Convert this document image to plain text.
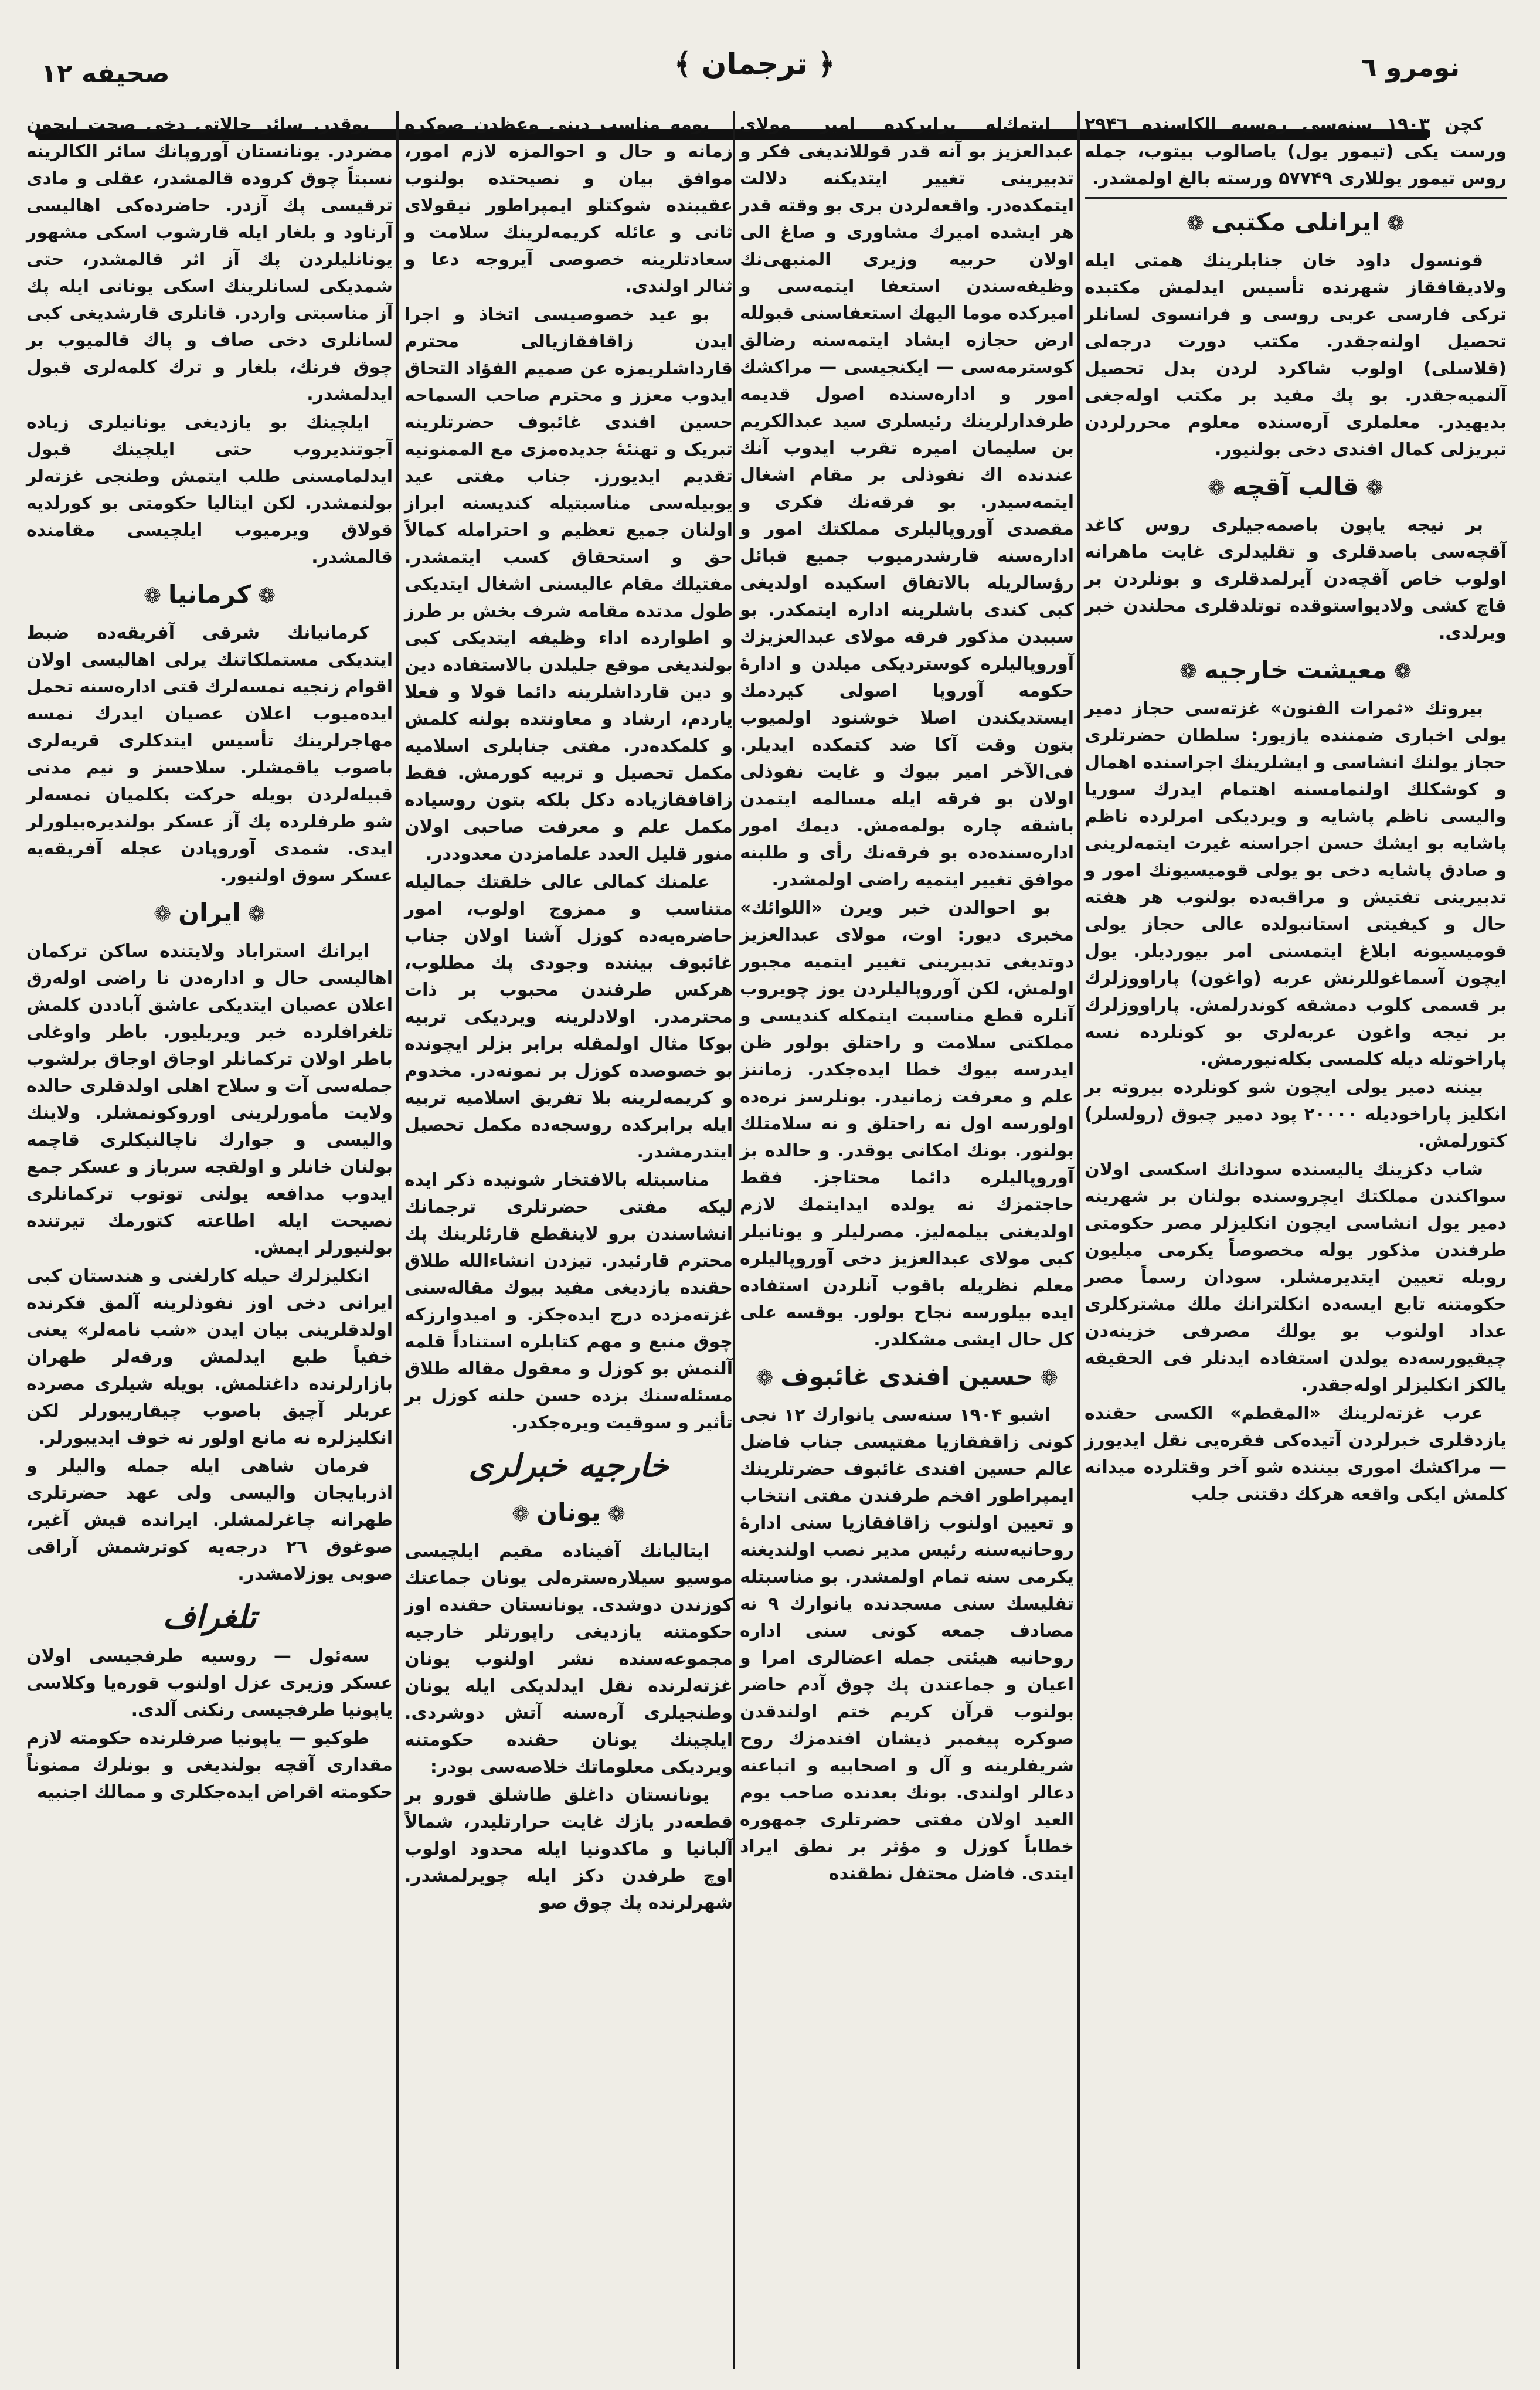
صحیفه ۱۲	﴿ ترجمان ﴾	نومرو ٦

کچن ۱۹۰۳ سنه‌سی روسیه الکاسنده ۲۹۴٦ ورست یکی (تیمور یول) یاصالوب بیتوب، جمله روس تیمور يوللاری ۵۷۷۴۹ ورسته بالغ اولمشدر.

❁ایرانلی مکتبی❁

قونسول داود خان جنابلرینك همتی ایله ولادیقافقاز شهرنده تأسیس ایدلمش مکتبده ترکی فارسی عربی روسی و فرانسوی لسانلر تحصیل اولنه‌جقدر. مکتب دورت درجه‌لی (قلاسلی) اولوب شاکرد لردن بدل تحصیل آلنمیه‌جقدر. بو پك مفید بر مکتب اوله‌جغی بدیهیدر. معلملری آره‌سنده معلوم محررلردن تبریزلی کمال افندی دخی بولنیور.

❁قالب آقچه❁

بر نیجه یاپون باصمه‌جیلری روس کاغد آقچه‌سی باصدقلری و تقلیدلری غایت ماهرانه اولوب خاص آقچه‌دن آیرلمدقلری و بونلردن بر قاچ کشی ولادیواستوقده توتلدقلری محلندن خبر ویرلدی.

❁معیشت خارجیه❁

بیروتك «ثمرات الفنون» غزته‌سی حجاز دمیر یولی اخباری ضمننده یازیور: سلطان حضرتلری حجاز یولنك انشاسی و ایشلرینك اجراسنده اهمال و کوشکلك اولنمامسنه اهتمام ایدرك سوریا والیسی ناظم پاشایه و ویردیکی امرلرده ناظم پاشایه بو ایشك حسن اجراسنه غیرت ایتمه‌لرینی و صادق پاشایه دخی بو یولی قومیسیونك امور و تدبیرینی تفتیش و مراقبه‌ده بولنوب هر هفته حال و کیفیتی استانبولده عالی حجاز یولی قومیسیونه ابلاغ ایتمسنی امر بیوردیلر. یول ایچون آسماغوللرنش عربه (واغون) پاراووزلرك بر قسمی کلوب دمشقه کوندرلمش. پاراووزلرك بر نیجه واغون عربه‌لری بو کونلرده نسه پاراخوتله دیله کلمسی بکله‌نیورمش.

بیننه دمیر یولی ایچون شو کونلرده بیروته بر انکلیز پاراخودیله ۲۰۰۰۰ پود دمیر چبوق (رولسلر) کتورلمش.

شاب دکزینك یالیسنده سودانك اسکسی اولان سواکندن مملکتك ایچروسنده بولنان بر شهرینه دمیر یول انشاسی ایچون انکلیزلر مصر حکومتی طرفندن مذکور یوله مخصوصاً یکرمی میلیون روبله تعیین ایتدیرمشلر. سودان رسماً مصر حکومتنه تابع ایسه‌ده انکلترانك ملك مشترکلری عداد اولنوب بو یولك مصرفی خزینه‌دن چیقیورسه‌ده یولدن استفاده ایدنلر فی الحقیقه یالکز انکلیزلر اوله‌جقدر.

عرب غزته‌لرینك «المقطم» الکسی حقنده یازدقلری خبرلردن آتیده‌کی فقره‌یی نقل ایدیورز — مراکشك اموری بیننده شو آخر وقتلرده میدانه کلمش ایکی واقعه هرکك دقتنی جلب

ایتمك‌له برابرکده امیر مولای عبدالعزیز بو آنه قدر قوللانديغی فکر و تدبیرینی تغییر ایتدیکنه دلالت ایتمکده‌در. واقعه‌لردن بری بو وقته قدر هر ایشده امیرك مشاوری و صاغ الی اولان حربیه وزیری المنبهی‌نك وظیفه‌سندن استعفا ایتمه‌سی و امیرکده موما الیهك استعفاسنی قبولله ارض حجازه ایشاد ایتمه‌سنه رضالق کوسترمه‌سی — ایکنجیسی — مراکشك امور و اداره‌سنده اصول قدیمه طرفدارلرینك رئیسلری سید عبدالکریم بن سلیمان امیره تقرب ایدوب آنك عندنده اك نفوذلی بر مقام اشغال ایتمه‌سیدر. بو فرقه‌نك فکری و مقصدی آوروپالیلری مملکتك امور و اداره‌سنه قارشدرمیوب جمیع قبائل رؤسالریله بالاتفاق اسکیده اولدیغی کبی کندی باشلرینه اداره ایتمکدر. بو سببدن مذکور فرقه مولای عبدالعزیزك آوروپالیلره کوستردیکی میلدن و ادارهٔ حکومه آوروپا اصولی کیردمك ایستدیکندن اصلا خوشنود اولمیوب بتون وقت آکا ضد کتمکده ایدیلر. فی‌الآخر امیر بیوك و غایت نفوذلی اولان بو فرقه ایله مسالمه ایتمدن باشقه چاره بولمه‌مش. دیمك امور اداره‌سنده‌ده بو فرقه‌نك رأی و طلبنه موافق تغییر ایتمیه راضی اولمشدر.

بو احوالدن خبر ویرن «اللوائك» مخبری دیور: اوت، مولای عبدالعزیز دوتدیغی تدبیرینی تغییر ایتمیه مجبور اولمش، لکن آوروپالیلردن یوز چویروب آنلره قطع مناسبت ایتمکله کندیسی و مملکتی سلامت و راحتلق بولور ظن ایدرسه بیوك خطا ایده‌جکدر. زماننز علم و معرفت زمانیدر. بونلرسز نره‌ده اولورسه اول نه راحتلق و نه سلامتلك بولنور. بونك امکانی یوقدر. و حالده بز آوروپالیلره دائما محتاجز. فقط حاجتمزك نه یولده ایدایتمك لازم اولدیغنی بیلمه‌لیز. مصرلیلر و یونانیلر کبی مولای عبدالعزیز دخی آوروپالیلره معلم نظریله باقوب آنلردن استفاده ایده بیلورسه نجاح بولور. یوقسه علی کل حال ایشی مشکلدر.

❁حسین افندی غائبوف❁

اشبو ۱۹۰۴ سنه‌سی یانوارك ۱۲ نجی کونی زاقفقازیا مفتیسی جناب فاضل عالم حسین افندی غائبوف حضرتلرینك ایمپراطور افخم طرفندن مفتی انتخاب و تعیین اولنوب زاقافقازیا سنی ادارهٔ روحانیه‌سنه رئیس مدیر نصب اولندیغنه یکرمی سنه تمام اولمشدر. بو مناسبتله تفلیسك سنی مسجدنده یانوارك ۹ نه مصادف جمعه کونی سنی اداره روحانیه هیئتی جمله اعضالری امرا و اعیان و جماعتدن پك چوق آدم حاضر بولنوب قرآن کریم ختم اولندقدن صوکره پیغمبر ذیشان افندمزك روح شریفلرینه و آل و اصحابیه و اتباعنه دعالر اولندی. بونك بعدنده صاحب یوم العید اولان مفتی حضرتلری جمهوره خطاباً کوزل و مؤثر بر نطق ایراد ایتدی. فاضل محتفل نطقنده

یومه مناسب دینی وعظدن صوکره زمانه و حال و احوالمزه لازم امور، موافق بیان و نصیحتده بولنوب عقیبنده شوکتلو ایمپراطور نیقولای ثانی و عائله کریمه‌لرینك سلامت و سعادتلرینه خصوصی آیروجه دعا و ثنالر اولندی.

بو عید خصوصیسی اتخاذ و اجرا ایدن زاقافقازیالی محترم قارداشلریمزه عن صمیم الفؤاد التحاق ایدوب معزز و محترم صاحب السماحه حسین افندی غائبوف حضرتلرینه تبریک و تهنئهٔ جدیده‌مزی مع الممنونیه تقدیم ایدیورز. جناب مفتی عید یوبیله‌سی مناسبتیله کندیسنه ابراز اولنان جمیع تعظیم و احترامله کمالاً حق و استحقاق کسب ایتمشدر. مفتیلك مقام عالیسنی اشغال ایتدیکی طول مدتده مقامه شرف بخش بر طرز و اطوارده اداء وظیفه ایتدیکی کبی بولندیغی موقع جلیلدن بالاستفاده دین و دین قارداشلرینه دائما قولا و فعلا یاردم، ارشاد و معاونتده بولنه کلمش و کلمکده‌در. مفتی جنابلری اسلامیه مکمل تحصیل و تربیه کورمش. فقط زاقافقازیاده دکل بلکه بتون روسیاده مکمل علم و معرفت صاحبی اولان منور قلیل العدد علمامزدن معدوددر.

علمنك کمالی عالی خلقتك جمالیله متناسب و ممزوج اولوب، امور حاضره‌یه‌ده کوزل آشنا اولان جناب غائبوف بیننده وجودی پك مطلوب، هرکس طرفندن محبوب بر ذات محترمدر. اولادلرینه ویردیکی تربیه بوکا مثال اولمقله برابر بزلر ایچونده بو خصوصده کوزل بر نمونه‌در. مخدوم و کریمه‌لرینه بلا تفریق اسلامیه تربیه ایله برابرکده روسجه‌ده مکمل تحصیل ایتدرمشدر.

مناسبتله بالافتخار شونیده ذکر ایده لیکه مفتی حضرتلری ترجمانك انشاسندن برو لاینقطع قارئلرینك پك محترم قارئیدر. تیزدن انشاءالله طلاق حقنده یازدیغی مفید بیوك مقاله‌سنی غزته‌مزده درج ایده‌جکز. و امیدوارزکه چوق منبع و مهم کتابلره استناداً قلمه آلنمش بو کوزل و معقول مقاله طلاق مسئله‌سنك بزده حسن حلنه کوزل بر تأثیر و سوقیت ویره‌جکدر.

خارجیه خبرلری
❁یونان❁

ایتالیانك آفیناده مقیم ایلچیسی موسیو سیلاره‌ستره‌لی یونان جماعتك کوزندن دوشدی. یونانستان حقنده اوز حکومتنه یازدیغی راپورتلر خارجیه مجموعه‌سنده نشر اولنوب یونان غزته‌لرنده نقل ایدلدیکی ایله یونان وطنجیلری آره‌سنه آتش دوشردی. ایلچینك یونان حقنده حکومتنه ویردیکی معلوماتك خلاصه‌سی بودر:

یونانستان داغلق طاشلق قورو بر قطعه‌در یازك غایت حرارتلیدر، شمالاً آلبانیا و ماکدونیا ایله محدود اولوب اوچ طرفدن دکز ایله چویرلمشدر. شهرلرنده پك چوق صو

یوقدر. سائر حالاتی دخی صحت ایچون مضردر. یونانستان آوروپانك سائر الکالرینه نسبتاً چوق کروده قالمشدر، عقلی و مادی ترقیسی پك آزدر. حاضرده‌کی اهالیسی آرناود و بلغار ایله قارشوب اسکی مشهور یونانلیلردن پك آز اثر قالمشدر، حتی شمدیکی لسانلرینك اسکی یونانی ایله پك آز مناسبتی واردر. قانلری قارشدیغی کبی لسانلری دخی صاف و پاك قالمیوب بر چوق فرنك، بلغار و ترك کلمه‌لری قبول ایدلمشدر.

ایلچینك بو یازدیغی یونانیلری زیاده آجوتندیروب حتی ایلچینك قبول ایدلمامسنی طلب ایتمش وطنجی غزته‌لر بولنمشدر. لکن ایتالیا حکومتی بو کورلدیه قولاق ویرمیوب ایلچیسی مقامنده قالمشدر.

❁کرمانیا❁

کرمانیانك شرقی آفریقه‌ده ضبط ایتدیکی مستملکاتنك یرلی اهالیسی اولان اقوام زنجیه نمسه‌لرك قتی اداره‌سنه تحمل ایده‌میوب اعلان عصیان ایدرك نمسه مهاجرلرینك تأسیس ایتدکلری قریه‌لری باصوب یاقمشلر. سلاحسز و نیم مدنی قبیله‌لردن بویله حرکت بکلمیان نمسه‌لر شو طرفلرده پك آز عسکر بولندیره‌بیلورلر ایدی. شمدی آوروپادن عجله آفریقه‌یه عسکر سوق اولنیور.

❁ایران❁

ایرانك استراباد ولایتنده ساکن ترکمان اهالیسی حال و اداره‌دن نا راضی اوله‌رق اعلان عصیان ایتدیکی عاشق آباددن کلمش تلغرافلرده خبر ویریلیور. باطر واوغلی باطر اولان ترکمانلر اوجاق اوجاق برلشوب جمله‌سی آت و سلاح اهلی اولدقلری حالده ولایت مأمورلرینی اوروکونمشلر. ولاینك والیسی و جوارك ناچالنیکلری قاچمه بولنان خانلر و اولقجه سرباز و عسکر جمع ایدوب مدافعه یولنی توتوب ترکمانلری نصیحت ایله اطاعته کتورمك تیرتنده بولنیورلر ایمش.

انکلیزلرك حیله کارلغنی و هندستان کبی ایرانی دخی اوز نفوذلرینه آلمق فکرنده اولدقلرینی بیان ایدن «شب نامه‌لر» یعنی خفیاً طبع ایدلمش ورقه‌لر طهران بازارلرنده داغتلمش. بویله شیلری مصرده عربلر آچیق باصوب چیقاریبورلر لکن انکلیزلره نه مانع اولور نه خوف ایدیبورلر.

فرمان شاهی ایله جمله والیلر و اذربایجان والیسی ولی عهد حضرتلری طهرانه چاغرلمشلر. ایرانده قیش آغیر، صوغوق ۲٦ درجه‌یه کوترشمش آراقی صوبی یوزلامشدر.

تلغراف

سه‌ئول — روسیه طرفجیسی اولان عسکر وزیری عزل اولنوب قوره‌یا وکلاسی یاپونیا طرفجیسی رنکنی آلدی.

طوکیو — یاپونیا صرفلرنده حکومته لازم مقداری آقچه بولنديغی و بونلرك ممنوناً حکومته اقراض ایده‌جکلری و ممالك اجنبیه
